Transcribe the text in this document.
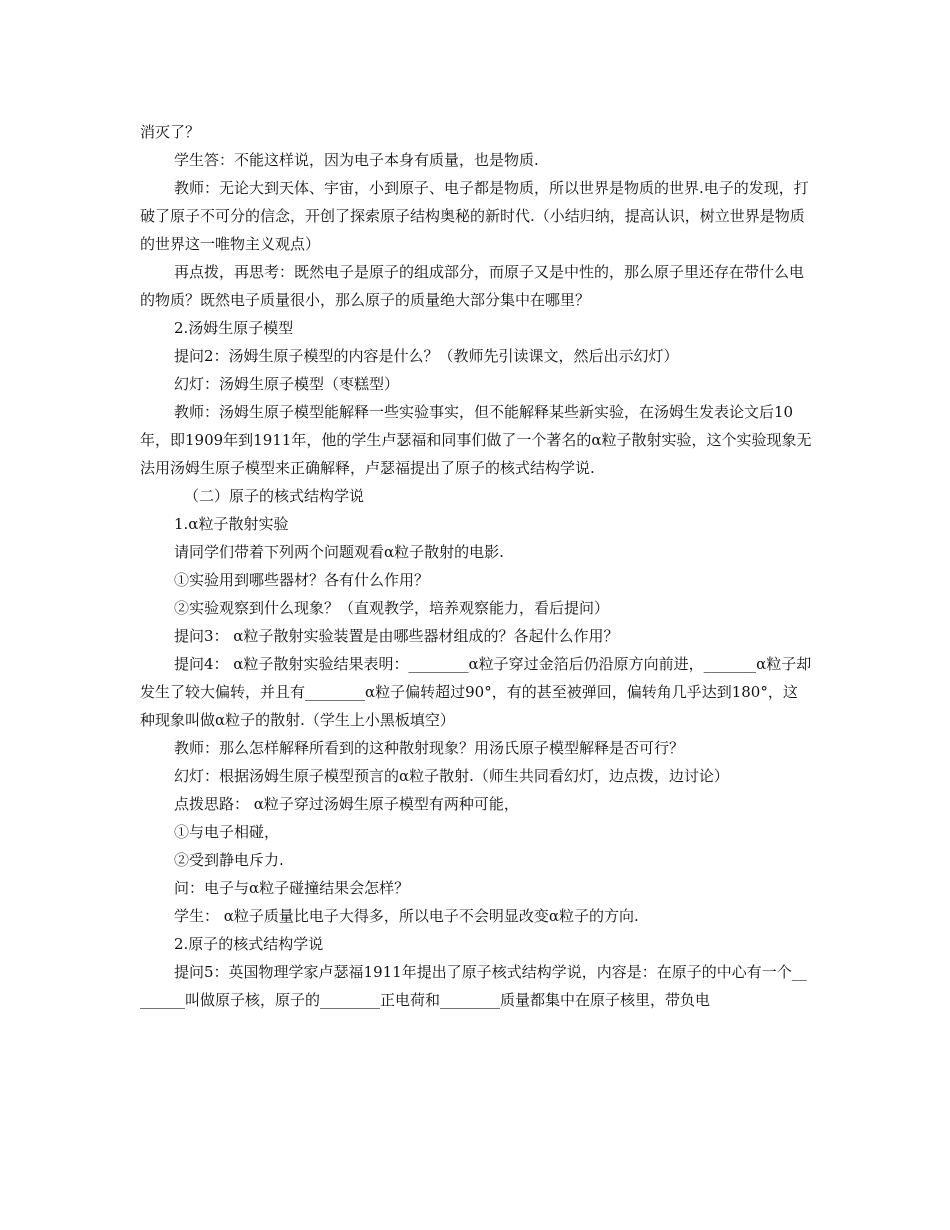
消灭了？

学生答：不能这样说，因为电子本身有质量，也是物质.

教师：无论大到天体、宇宙，小到原子、电子都是物质，所以世界是物质的世界.电子的发现，打破了原子不可分的信念，开创了探索原子结构奥秘的新时代.（小结归纳，提高认识，树立世界是物质的世界这一唯物主义观点）

再点拨，再思考：既然电子是原子的组成部分，而原子又是中性的，那么原子里还存在带什么电的物质？既然电子质量很小，那么原子的质量绝大部分集中在哪里？

2.汤姆生原子模型

提问2：汤姆生原子模型的内容是什么？（教师先引读课文，然后出示幻灯）

幻灯：汤姆生原子模型（枣糕型）

教师：汤姆生原子模型能解释一些实验事实，但不能解释某些新实验，在汤姆生发表论文后10年，即1909年到1911年，他的学生卢瑟福和同事们做了一个著名的α粒子散射实验，这个实验现象无法用汤姆生原子模型来正确解释，卢瑟福提出了原子的核式结构学说.

（二）原子的核式结构学说

1.α粒子散射实验

请同学们带着下列两个问题观看α粒子散射的电影.

①实验用到哪些器材？各有什么作用？

②实验观察到什么现象？（直观教学，培养观察能力，看后提问）

提问3： α粒子散射实验装置是由哪些器材组成的？各起什么作用？

提问4： α粒子散射实验结果表明：________α粒子穿过金箔后仍沿原方向前进，_______α粒子却发生了较大偏转，并且有________α粒子偏转超过90°，有的甚至被弹回，偏转角几乎达到180°，这种现象叫做α粒子的散射.（学生上小黑板填空）

教师：那么怎样解释所看到的这种散射现象？用汤氏原子模型解释是否可行？

幻灯：根据汤姆生原子模型预言的α粒子散射.（师生共同看幻灯，边点拨，边讨论）

点拨思路： α粒子穿过汤姆生原子模型有两种可能，

①与电子相碰，

②受到静电斥力.

问：电子与α粒子碰撞结果会怎样？

学生： α粒子质量比电子大得多，所以电子不会明显改变α粒子的方向.

2.原子的核式结构学说

提问5：英国物理学家卢瑟福1911年提出了原子核式结构学说，内容是：在原子的中心有一个________叫做原子核，原子的________正电荷和________质量都集中在原子核里，带负电
